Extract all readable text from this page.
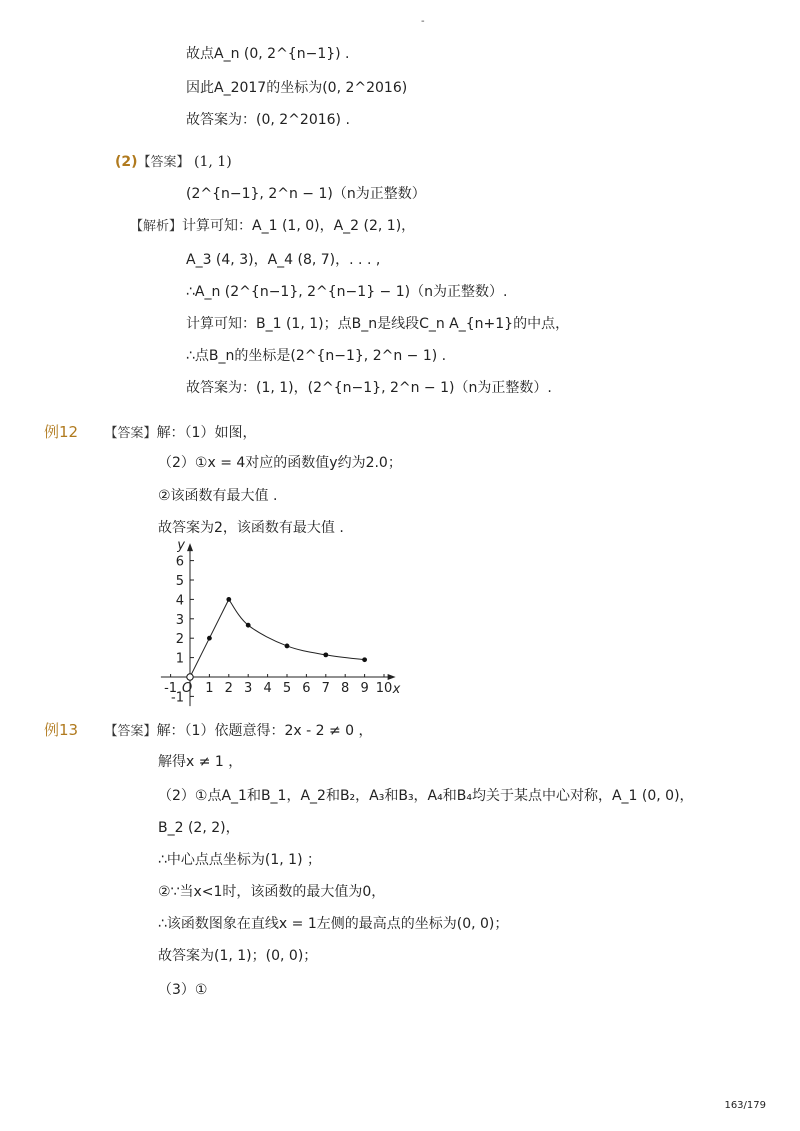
-
故点A_n (0, 2^{n−1}) .
因此A_2017的坐标为(0, 2^2016)
故答案为：(0, 2^2016) .
(2)【答案】 (1, 1)
(2^{n−1}, 2^n − 1)（n为正整数）
【解析】计算可知：A_1 (1, 0)，A_2 (2, 1)，
A_3 (4, 3)，A_4 (8, 7)，. . . ,
∴A_n (2^{n−1}, 2^{n−1} − 1)（n为正整数）.
计算可知：B_1 (1, 1)；点B_n是线段C_n A_{n+1}的中点，
∴点B_n的坐标是(2^{n−1}, 2^n − 1) .
故答案为：(1, 1)，(2^{n−1}, 2^n − 1)（n为正整数）.
例12 【答案】解：（1）如图，
（2）①x = 4对应的函数值y约为2.0；
②该函数有最大值 .
故答案为2，该函数有最大值 .
-1 1 2 3 4 5 6 7 8 9 10
-1
1
2
3
4
5
6
O	x
y
例13 【答案】解：（1）依题意得：2x - 2 ≠ 0 ，
解得x ≠ 1 ，
（2）①点A_1和B_1，A_2和B₂，A₃和B₃，A₄和B₄均关于某点中心对称，A_1 (0, 0)，
B_2 (2, 2)，
∴中心点点坐标为(1, 1) ；
②∵当x<1时，该函数的最大值为0，
∴该函数图象在直线x = 1左侧的最高点的坐标为(0, 0)；
故答案为(1, 1)；(0, 0)；
（3）①
163/179
